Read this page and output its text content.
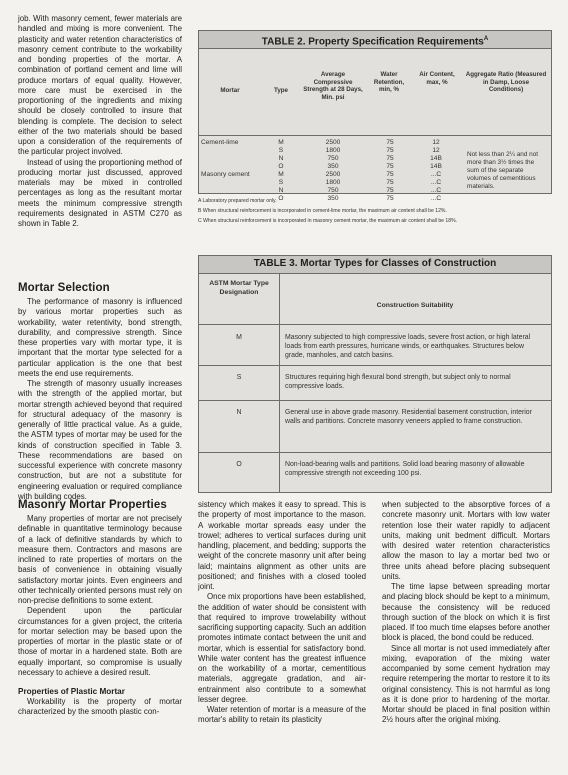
job. With masonry cement, fewer materials are handled and mixing is more convenient. The plasticity and water retention characteristics of masonry cement contribute to the workability and bonding properties of the mortar. A combination of portland cement and lime will produce mortars of equal quality. However, more care must be exercised in the proportioning of the ingredients and mixing should be closely controlled to insure that blending is complete. The decision to select either of the two materials should be based upon a consideration of the requirements of the particular project involved.

Instead of using the proportioning method of producing mortar just discussed, approved materials may be mixed in controlled percentages as long as the resultant mortar meets the minimum compressive strength requirements designated in ASTM C270 as shown in Table 2.

Mortar Selection

The performance of masonry is influenced by various mortar properties such as workability, water retentivity, bond strength, durability, and compressive strength. Since these properties vary with mortar type, it is important that the mortar type selected for a particular application is the one that best meets the end use requirements.

The strength of masonry usually increases with the strength of the applied mortar, but mortar strength achieved beyond that required for structural adequacy of the masonry is generally of little practical value. As a guide, the ASTM types of mortar may be used for the kinds of construction specified in Table 3. These recommendations are based on successful experience with concrete masonry construction, but are not a substitute for engineering evaluation or required compliance with building codes.

Masonry Mortar Properties

Many properties of mortar are not precisely definable in quantitative terminology because of a lack of definitive standards by which to measure them. Contractors and masons are inclined to rate properties of mortars on the basis of convenience in obtaining visually satisfactory mortar joints. Even engineers and other technically oriented persons must rely on non-precise definitions to some extent.

Dependent upon the particular circumstances for a given project, the criteria for mortar selection may be based upon the properties of mortar in the plastic state or of those of mortar in a hardened state. Both are equally important, so compromise is usually necessary to achieve a desired result.

Properties of Plastic Mortar

Workability is the property of mortar characterized by the smooth plastic con-

sistency which makes it easy to spread. This is the property of most importance to the mason. A workable mortar spreads easy under the trowel; adheres to vertical surfaces during unit handling, placement, and bedding; supports the weight of the concrete masonry unit after being laid; maintains alignment as other units are positioned; and finishes with a closed tooled joint.

Once mix proportions have been established, the addition of water should be consistent with that required to improve trowelability without sacrificing supporting capacity. Such an addition promotes intimate contact between the unit and mortar, which is essential for satisfactory bond. While water content has the greatest influence on the workability of a mortar, cementitious materials, aggregate gradation, and air-entrainment also contribute to a somewhat lesser degree.

Water retention of mortar is a measure of the mortar's ability to retain its plasticity

when subjected to the absorptive forces of a concrete masonry unit. Mortars with low water retention lose their water rapidly to adjacent units, making unit bedment difficult. Mortars with desired water retention characteristics allow the mason to lay a mortar bed two or three units ahead before placing subsequent units.

The time lapse between spreading mortar and placing block should be kept to a minimum, because the consistency will be reduced through suction of the block on which it is first placed. If too much time elapses before another block is placed, the bond could be reduced.

Since all mortar is not used immediately after mixing, evaporation of the mixing water accompanied by some cement hydration may require retempering the mortar to restore it to its original consistency. This is not harmful as long as it is done prior to hardening of the mortar. Mortar should be placed in final position within 2½ hours after the original mixing.

TABLE 2. Property Specification Requirements$^A$
Mortar	Type
Average Compressive Strength at 28 Days, Min. psi
Water Retention, min, %
Air Content, max, %
Aggregate Ratio (Measured in Damp, Loose Conditions)
Cement-lime
Masonry cement
M	2500	75	12
S	1800	75	12
N	750	75	14B
O	350	75	14B
M	2500	75	...C
S	1800	75	...C
N	750	75	...C
O	350	75	...C
Not less than 2¼ and not more than 3½ times the sum of the separate volumes of cementitious materials.
A Laboratory prepared mortar only.
B When structural reinforcement is incorporated in cement-lime mortar, the maximum air content shall be 12%.
C When structural reinforcement is incorporated in masonry cement mortar, the maximum air content shall be 18%.
TABLE 3. Mortar Types for Classes of Construction
ASTM Mortar Type Designation
Construction Suitability
M	Masonry subjected to high compressive loads, severe frost action, or high lateral loads from earth pressures, hurricane winds, or earthquakes. Structures below grade, manholes, and catch basins.
S	Structures requiring high flexural bond strength, but subject only to normal compressive loads.
N	General use in above grade masonry. Residential basement construction, interior walls and partitions. Concrete masonry veneers applied to frame construction.
O	Non-load-bearing walls and partitions. Solid load bearing masonry of allowable compressive strength not exceeding 100 psi.
